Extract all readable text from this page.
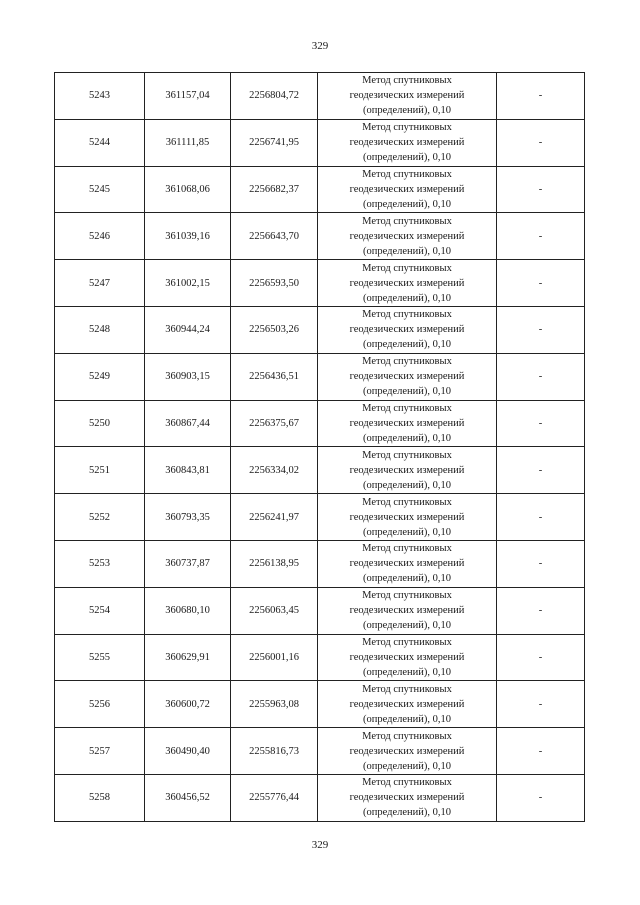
329
5243	361157,04	2256804,72	Метод спутниковых
геодезических измерений
(определений), 0,10	-
5244	361111,85	2256741,95	Метод спутниковых
геодезических измерений
(определений), 0,10	-
5245	361068,06	2256682,37	Метод спутниковых
геодезических измерений
(определений), 0,10	-
5246	361039,16	2256643,70	Метод спутниковых
геодезических измерений
(определений), 0,10	-
5247	361002,15	2256593,50	Метод спутниковых
геодезических измерений
(определений), 0,10	-
5248	360944,24	2256503,26	Метод спутниковых
геодезических измерений
(определений), 0,10	-
5249	360903,15	2256436,51	Метод спутниковых
геодезических измерений
(определений), 0,10	-
5250	360867,44	2256375,67	Метод спутниковых
геодезических измерений
(определений), 0,10	-
5251	360843,81	2256334,02	Метод спутниковых
геодезических измерений
(определений), 0,10	-
5252	360793,35	2256241,97	Метод спутниковых
геодезических измерений
(определений), 0,10	-
5253	360737,87	2256138,95	Метод спутниковых
геодезических измерений
(определений), 0,10	-
5254	360680,10	2256063,45	Метод спутниковых
геодезических измерений
(определений), 0,10	-
5255	360629,91	2256001,16	Метод спутниковых
геодезических измерений
(определений), 0,10	-
5256	360600,72	2255963,08	Метод спутниковых
геодезических измерений
(определений), 0,10	-
5257	360490,40	2255816,73	Метод спутниковых
геодезических измерений
(определений), 0,10	-
5258	360456,52	2255776,44	Метод спутниковых
геодезических измерений
(определений), 0,10	-
329
